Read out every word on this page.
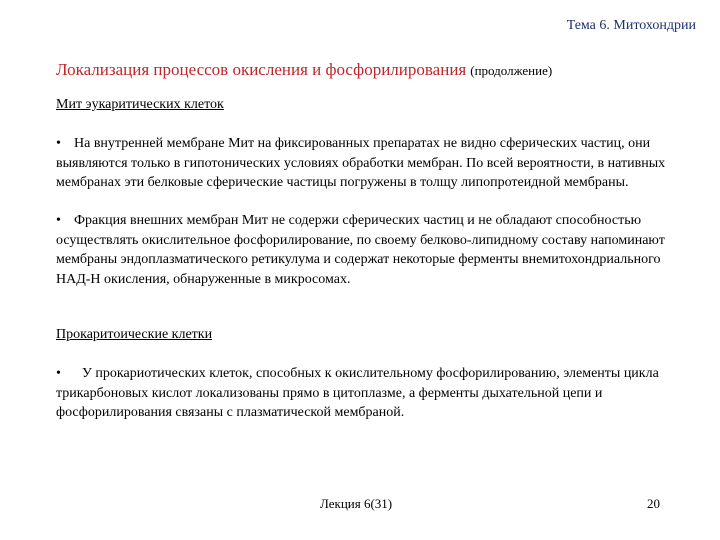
Тема 6. Митохондрии
Локализация процессов окисления и фосфорилирования (продолжение)
Мит эукаритических клеток

• На внутренней мембране Мит на фиксированных препаратах не видно сферических частиц, они выявляются только в гипотонических условиях обработки мембран. По всей вероятности, в нативных мембранах эти белковые сферические частицы погружены в толщу липопротеидной мембраны.

• Фракция внешних мембран Мит не содержи сферических частиц и не обладают способностью осуществлять окислительное фосфорилирование, по своему белково-липидному составу напоминают мембраны эндоплазматического ретикулума и содержат некоторые ферменты внемитохондриального НАД-Н окисления, обнаруженные в микросомах.

Прокаритоические клетки

• У прокариотических клеток, способных к окислительному фосфорилированию, элементы цикла трикарбоновых кислот локализованы прямо в цитоплазме, а ферменты дыхательной цепи и фосфорилирования связаны с плазматической мембраной.

Лекция 6(31)	20
